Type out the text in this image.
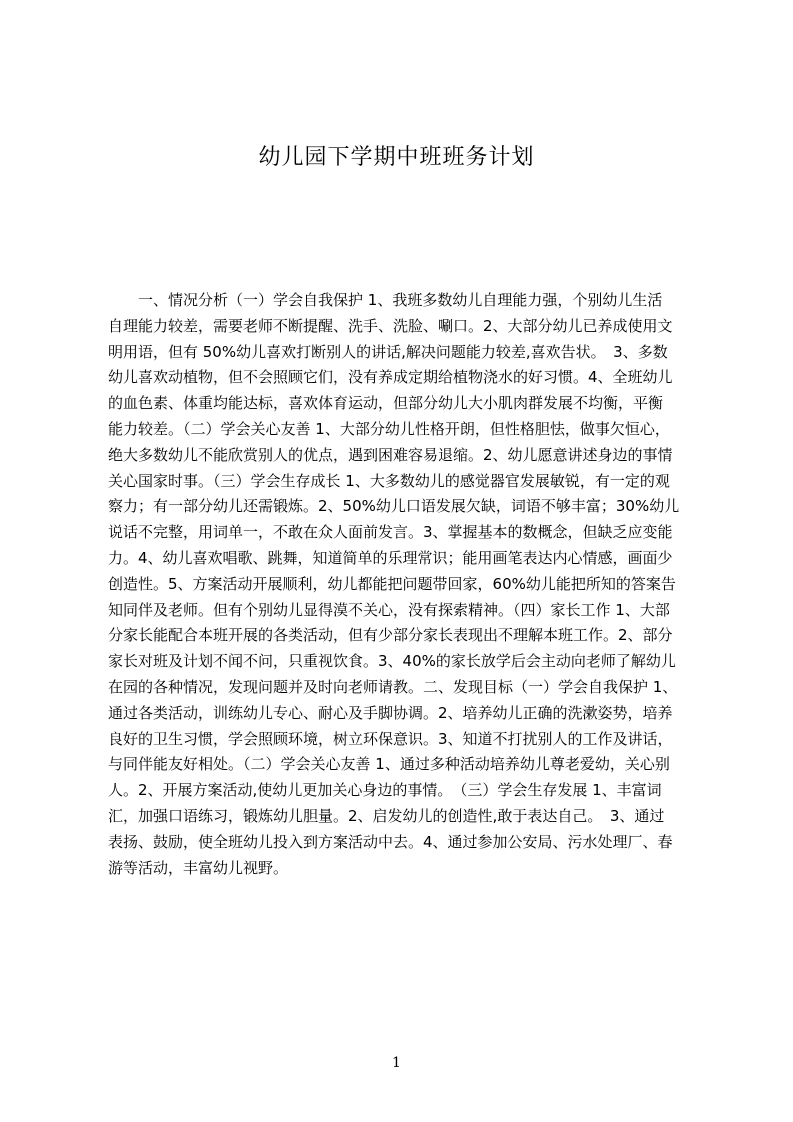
幼儿园下学期中班班务计划
　　一、情况分析（一）学会自我保护 1、我班多数幼儿自理能力强，个别幼儿生活
自理能力较差，需要老师不断提醒、洗手、洗脸、唰口。2、大部分幼儿已养成使用文
明用语，但有 50%幼儿喜欢打断别人的讲话,解决问题能力较差,喜欢告状。　3、多数
幼儿喜欢动植物，但不会照顾它们，没有养成定期给植物浇水的好习惯。4、全班幼儿
的血色素、体重均能达标，喜欢体育运动，但部分幼儿大小肌肉群发展不均衡，平衡
能力较差。（二）学会关心友善 1、大部分幼儿性格开朗，但性格胆怯，做事欠恒心，
绝大多数幼儿不能欣赏别人的优点，遇到困难容易退缩。2、幼儿愿意讲述身边的事情
关心国家时事。（三）学会生存成长 1、大多数幼儿的感觉器官发展敏锐，有一定的观
察力；有一部分幼儿还需锻炼。2、50%幼儿口语发展欠缺，词语不够丰富；30%幼儿
说话不完整，用词单一，不敢在众人面前发言。3、掌握基本的数概念，但缺乏应变能
力。4、幼儿喜欢唱歌、跳舞，知道简单的乐理常识；能用画笔表达内心情感，画面少
创造性。5、方案活动开展顺利，幼儿都能把问题带回家，60%幼儿能把所知的答案告
知同伴及老师。但有个别幼儿显得漠不关心，没有探索精神。（四）家长工作 1、大部
分家长能配合本班开展的各类活动，但有少部分家长表现出不理解本班工作。2、部分
家长对班及计划不闻不问，只重视饮食。3、40%的家长放学后会主动向老师了解幼儿
在园的各种情况，发现问题并及时向老师请教。二、发现目标（一）学会自我保护 1、
通过各类活动，训练幼儿专心、耐心及手脚协调。2、培养幼儿正确的洗漱姿势，培养
良好的卫生习惯，学会照顾环境，树立环保意识。3、知道不打扰别人的工作及讲话，
与同伴能友好相处。（二）学会关心友善 1、通过多种活动培养幼儿尊老爱幼，关心别
人。2、开展方案活动,使幼儿更加关心身边的事情。　（三）学会生存发展 1、丰富词
汇，加强口语练习，锻炼幼儿胆量。2、启发幼儿的创造性,敢于表达自己。　3、通过
表扬、鼓励，使全班幼儿投入到方案活动中去。4、通过参加公安局、污水处理厂、春
游等活动，丰富幼儿视野。
1
